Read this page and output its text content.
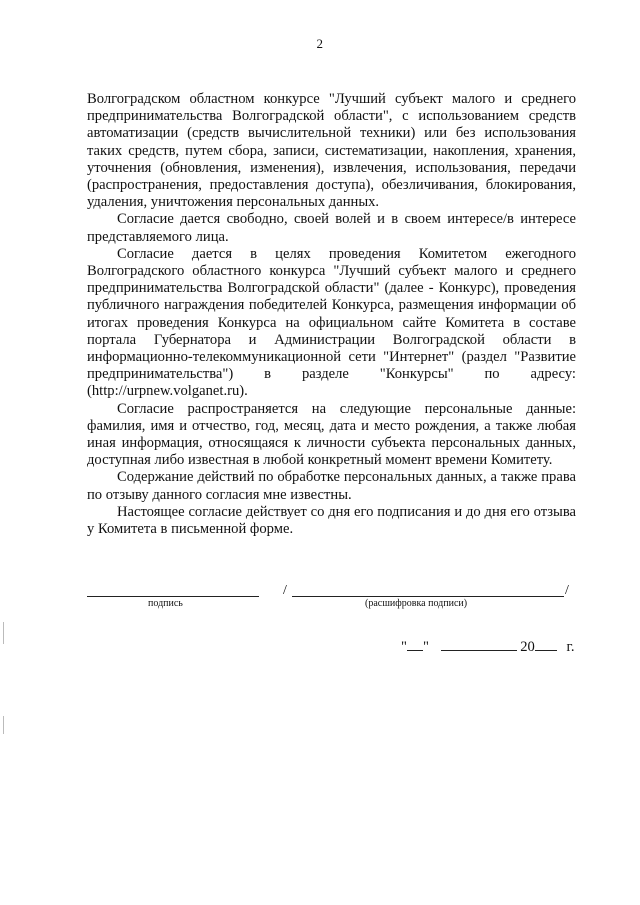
2

Волгоградском областном конкурсе "Лучший субъект малого и среднего предпринимательства Волгоградской области", с использованием средств автоматизации (средств вычислительной техники) или без использования таких средств, путем сбора, записи, систематизации, накопления, хранения, уточнения (обновления, изменения), извлечения, использования, передачи (распространения, предоставления доступа), обезличивания, блокирования, удаления, уничтожения персональных данных.

Согласие дается свободно, своей волей и в своем интересе/в интересе представляемого лица.

Согласие дается в целях проведения Комитетом ежегодного Волгоградского областного конкурса "Лучший субъект малого и среднего предпринимательства Волгоградской области" (далее - Конкурс), проведения публичного награждения победителей Конкурса, размещения информации об итогах проведения Конкурса на официальном сайте Комитета в составе портала Губернатора и Администрации Волгоградской области в информационно-телекоммуникационной сети "Интернет" (раздел "Развитие предпринимательства") в разделе "Конкурсы" по адресу: (http://urpnew.volganet.ru).

Согласие распространяется на следующие персональные данные: фамилия, имя и отчество, год, месяц, дата и место рождения, а также любая иная информация, относящаяся к личности субъекта персональных данных, доступная либо известная в любой конкретный момент времени Комитету.

Содержание действий по обработке персональных данных, а также права по отзыву данного согласия мне известны.

Настоящее согласие действует со дня его подписания и до дня его отзыва у Комитета в письменной форме.

/	/
подпись	(расшифровка подписи)
" "	20 г.
